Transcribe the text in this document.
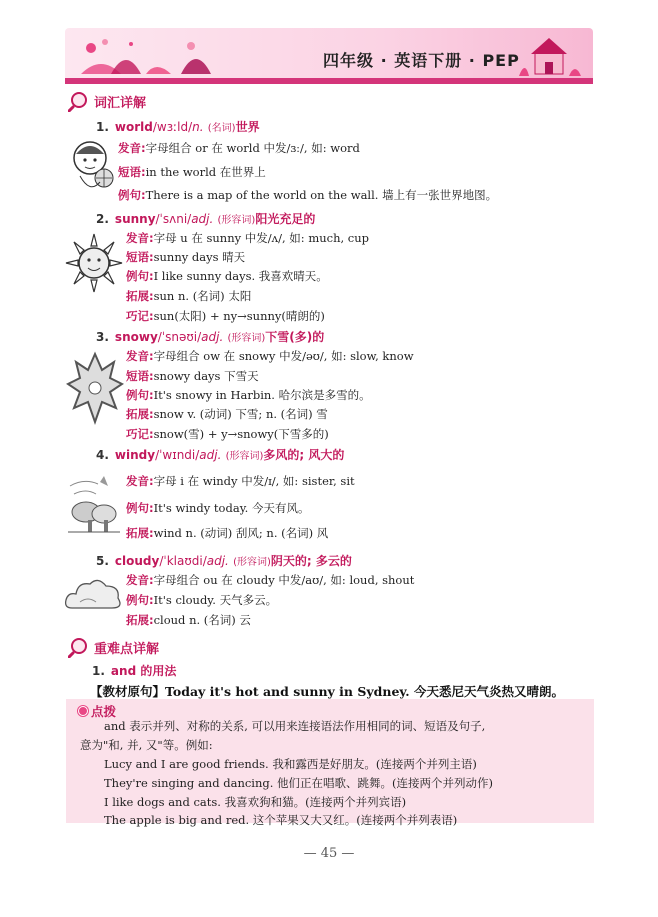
四年级 · 英语下册 · PEP
词汇详解
1. world/wɜːld/n. (名词)世界
发音:字母组合 or 在 world 中发/ɜː/, 如: word
短语:in the world 在世界上
例句:There is a map of the world on the wall. 墙上有一张世界地图。
2. sunny/ˈsʌni/adj. (形容词)阳光充足的
发音:字母 u 在 sunny 中发/ʌ/, 如: much, cup
短语:sunny days 晴天
例句:I like sunny days. 我喜欢晴天。
拓展:sun n. (名词) 太阳
巧记:sun(太阳) + ny→sunny(晴朗的)
3. snowy/ˈsnəʊi/adj. (形容词)下雪(多)的
发音:字母组合 ow 在 snowy 中发/əʊ/, 如: slow, know
短语:snowy days 下雪天
例句:It's snowy in Harbin. 哈尔滨是多雪的。
拓展:snow v. (动词) 下雪; n. (名词) 雪
巧记:snow(雪) + y→snowy(下雪多的)
4. windy/ˈwɪndi/adj. (形容词)多风的; 风大的
发音:字母 i 在 windy 中发/ɪ/, 如: sister, sit
例句:It's windy today. 今天有风。
拓展:wind n. (动词) 刮风; n. (名词) 风
5. cloudy/ˈklaʊdi/adj. (形容词)阴天的; 多云的
发音:字母组合 ou 在 cloudy 中发/aʊ/, 如: loud, shout
例句:It's cloudy. 天气多云。
拓展:cloud n. (名词) 云
重难点详解
1. and 的用法
【教材原句】Today it's hot and sunny in Sydney. 今天悉尼天气炎热又晴朗。
点拨
and 表示并列、对称的关系, 可以用来连接语法作用相同的词、短语及句子,
意为"和, 并, 又"等。例如:
Lucy and I are good friends. 我和露西是好朋友。(连接两个并列主语)
They're singing and dancing. 他们正在唱歌、跳舞。(连接两个并列动作)
I like dogs and cats. 我喜欢狗和猫。(连接两个并列宾语)
The apple is big and red. 这个苹果又大又红。(连接两个并列表语)
— 45 —
